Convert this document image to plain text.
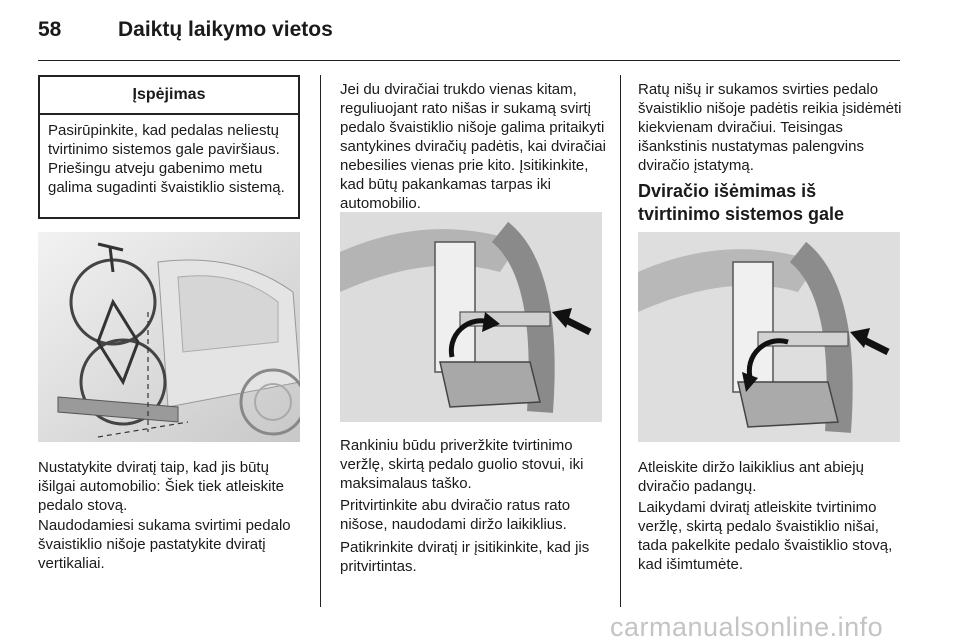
58	Daiktų laikymo vietos
Įspėjimas
Pasirūpinkite, kad pedalas neliestų tvirtinimo sistemos gale paviršiaus. Priešingu atveju gabenimo metu galima sugadinti švaistiklio sistemą.

Nustatykite dviratį taip, kad jis būtų išilgai automobilio: Šiek tiek atleiskite pedalo stovą.

Naudodamiesi sukama svirtimi pedalo švaistiklio nišoje pastatykite dviratį vertikaliai.

Jei du dviračiai trukdo vienas kitam, reguliuojant rato nišas ir sukamą svirtį pedalo švaistiklio nišoje galima pritaikyti santykines dviračių padėtis, kai dviračiai nebesilies vienas prie kito. Įsitikinkite, kad būtų pakankamas tarpas iki automobilio.

Rankiniu būdu priveržkite tvirtinimo veržlę, skirtą pedalo guolio stovui, iki maksimalaus taško.

Pritvirtinkite abu dviračio ratus rato nišose, naudodami diržo laikiklius.

Patikrinkite dviratį ir įsitikinkite, kad jis pritvirtintas.

Ratų nišų ir sukamos svirties pedalo švaistiklio nišoje padėtis reikia įsidėmėti kiekvienam dviračiui. Teisingas išankstinis nustatymas palengvins dviračio įstatymą.

Dviračio išėmimas iš tvirtinimo sistemos gale

Atleiskite diržo laikiklius ant abiejų dviračio padangų.

Laikydami dviratį atleiskite tvirtinimo veržlę, skirtą pedalo švaistiklio nišai, tada pakelkite pedalo švaistiklio stovą, kad išimtumėte.

carmanualsonline.info
